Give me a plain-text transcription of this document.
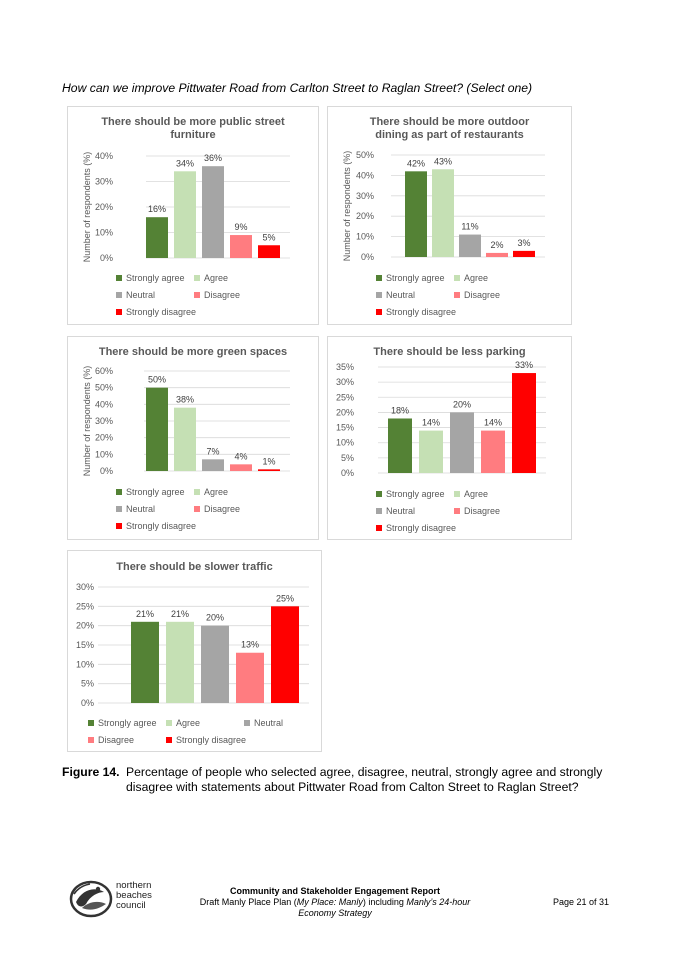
How can we improve Pittwater Road from Carlton Street to Raglan Street? (Select one)
There should be more public street
furniture
0%
10%
20%
30%
40%
Number of respondents (%)	16%
34%
36%
9%
5%
Strongly agree	Agree
Neutral	Disagree
Strongly disagree
There should be more outdoor
dining as part of restaurants
0%
10%
20%
30%
40%
50%
Number of respondents (%)	42% 43%
11%
2% 3%
Strongly agree	Agree
Neutral	Disagree
Strongly disagree
There should be more green spaces
0%
10%
20%
30%
40%
50%
60%
Number of respondents (%)	50%
38%
7% 4% 1%
Strongly agree	Agree
Neutral	Disagree
Strongly disagree
There should be less parking
0%
5%
10%
15%
20%
25%
30%
35%
18%
14%
20%
14%
33%
Strongly agree	Agree
Neutral	Disagree
Strongly disagree
There should be slower traffic
0%
5%
10%
15%
20%
25%
30%
21% 21% 20%
13%
25%
Strongly agree	Agree	Neutral
Disagree	Strongly disagree
Figure 14. Percentage of people who selected agree, disagree, neutral, strongly agree and strongly disagree with statements about Pittwater Road from Calton Street to Raglan Street?
northern
beaches
council
Community and Stakeholder Engagement Report
Draft Manly Place Plan (My Place: Manly) including Manly’s 24-hour Economy Strategy
Page 21 of 31
